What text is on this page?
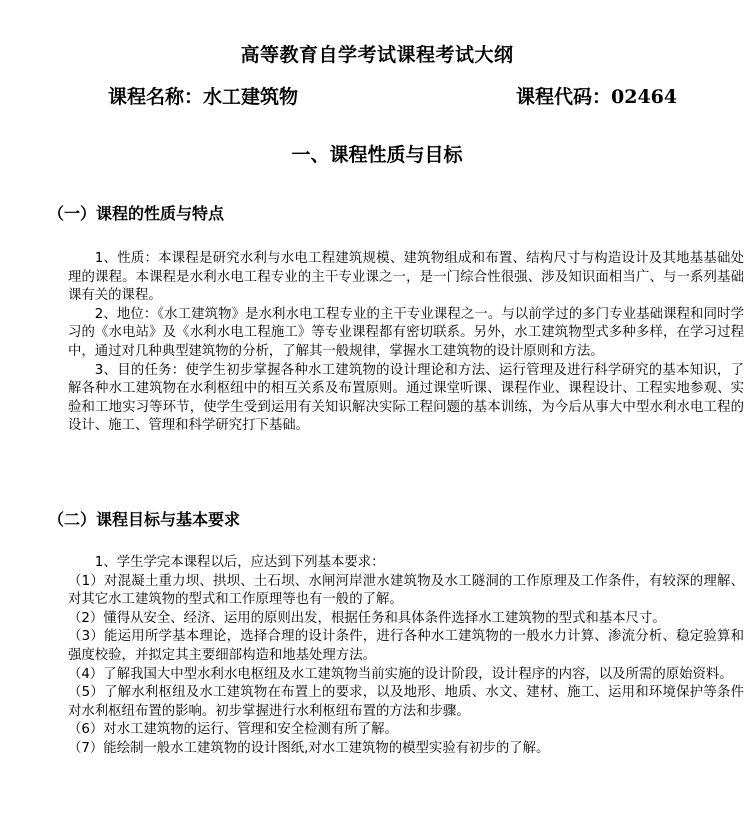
高等教育自学考试课程考试大纲
课程名称：水工建筑物	课程代码：02464
一、课程性质与目标
（一）课程的性质与特点

1、性质：本课程是研究水利与水电工程建筑规模、建筑物组成和布置、结构尺寸与构造设计及其地基基础处理的课程。本课程是水利水电工程专业的主干专业课之一，是一门综合性很强、涉及知识面相当广、与一系列基础课有关的课程。

2、地位：《水工建筑物》是水利水电工程专业的主干专业课程之一。与以前学过的多门专业基础课程和同时学习的《水电站》及《水利水电工程施工》等专业课程都有密切联系。另外，水工建筑物型式多种多样，在学习过程中，通过对几种典型建筑物的分析，了解其一般规律，掌握水工建筑物的设计原则和方法。

3、目的任务：使学生初步掌握各种水工建筑物的设计理论和方法、运行管理及进行科学研究的基本知识，了解各种水工建筑物在水利枢纽中的相互关系及布置原则。通过课堂听课、课程作业、课程设计、工程实地参观、实验和工地实习等环节，使学生受到运用有关知识解决实际工程问题的基本训练，为今后从事大中型水利水电工程的设计、施工、管理和科学研究打下基础。

（二）课程目标与基本要求

1、学生学完本课程以后，应达到下列基本要求：

（1）对混凝土重力坝、拱坝、土石坝、水闸河岸泄水建筑物及水工隧洞的工作原理及工作条件，有较深的理解、对其它水工建筑物的型式和工作原理等也有一般的了解。

（2）懂得从安全、经济、运用的原则出发，根据任务和具体条件选择水工建筑物的型式和基本尺寸。

（3）能运用所学基本理论，选择合理的设计条件，进行各种水工建筑物的一般水力计算、渗流分析、稳定验算和强度校验，并拟定其主要细部构造和地基处理方法。

（4）了解我国大中型水利水电枢纽及水工建筑物当前实施的设计阶段，设计程序的内容，以及所需的原始资料。

（5）了解水利枢纽及水工建筑物在布置上的要求，以及地形、地质、水文、建材、施工、运用和环境保护等条件对水利枢纽布置的影响。初步掌握进行水利枢纽布置的方法和步骤。

（6）对水工建筑物的运行、管理和安全检测有所了解。

（7）能绘制一般水工建筑物的设计图纸,对水工建筑物的模型实验有初步的了解。
